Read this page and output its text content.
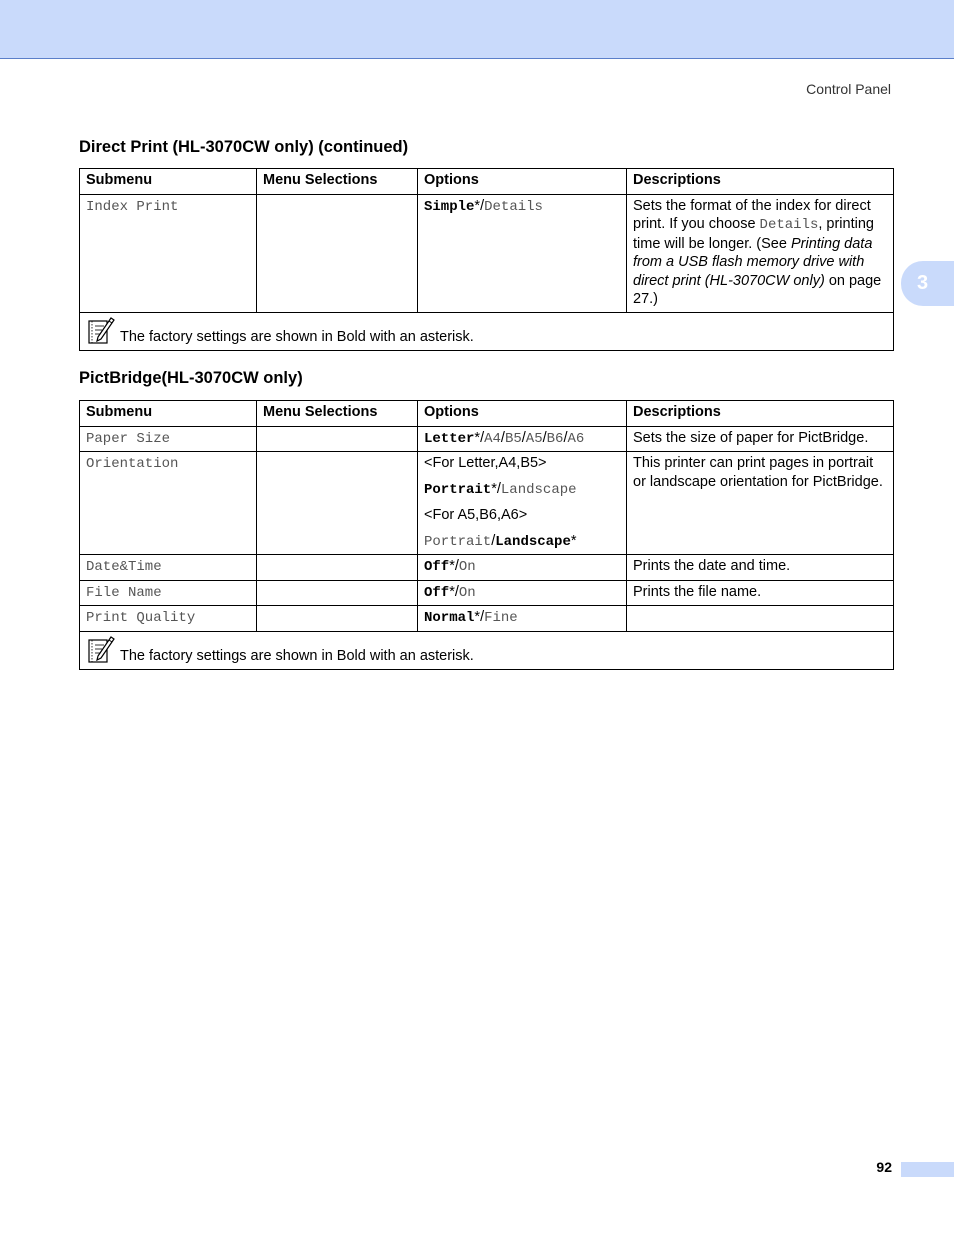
Control Panel
3
Direct Print (HL-3070CW only) (continued)
Submenu	Menu Selections	Options	Descriptions
Index Print		Simple*/Details	Sets the format of the index for direct print. If you choose Details, printing time will be longer. (See Printing data from a USB flash memory drive with direct print (HL-3070CW only) on page 27.)

The factory settings are shown in Bold with an asterisk.			
PictBridge(HL-3070CW only)
Submenu	Menu Selections	Options	Descriptions
Paper Size		Letter*/A4/B5/A5/B6/A6	Sets the size of paper for PictBridge.
Orientation		<For Letter,A4,B5>
Portrait*/Landscape
<For A5,B6,A6>
Portrait/Landscape*	This printer can print pages in portrait or landscape orientation for PictBridge.
Date&Time		Off*/On	Prints the date and time.
File Name		Off*/On	Prints the file name.
Print Quality		Normal*/Fine	

The factory settings are shown in Bold with an asterisk.			
92
